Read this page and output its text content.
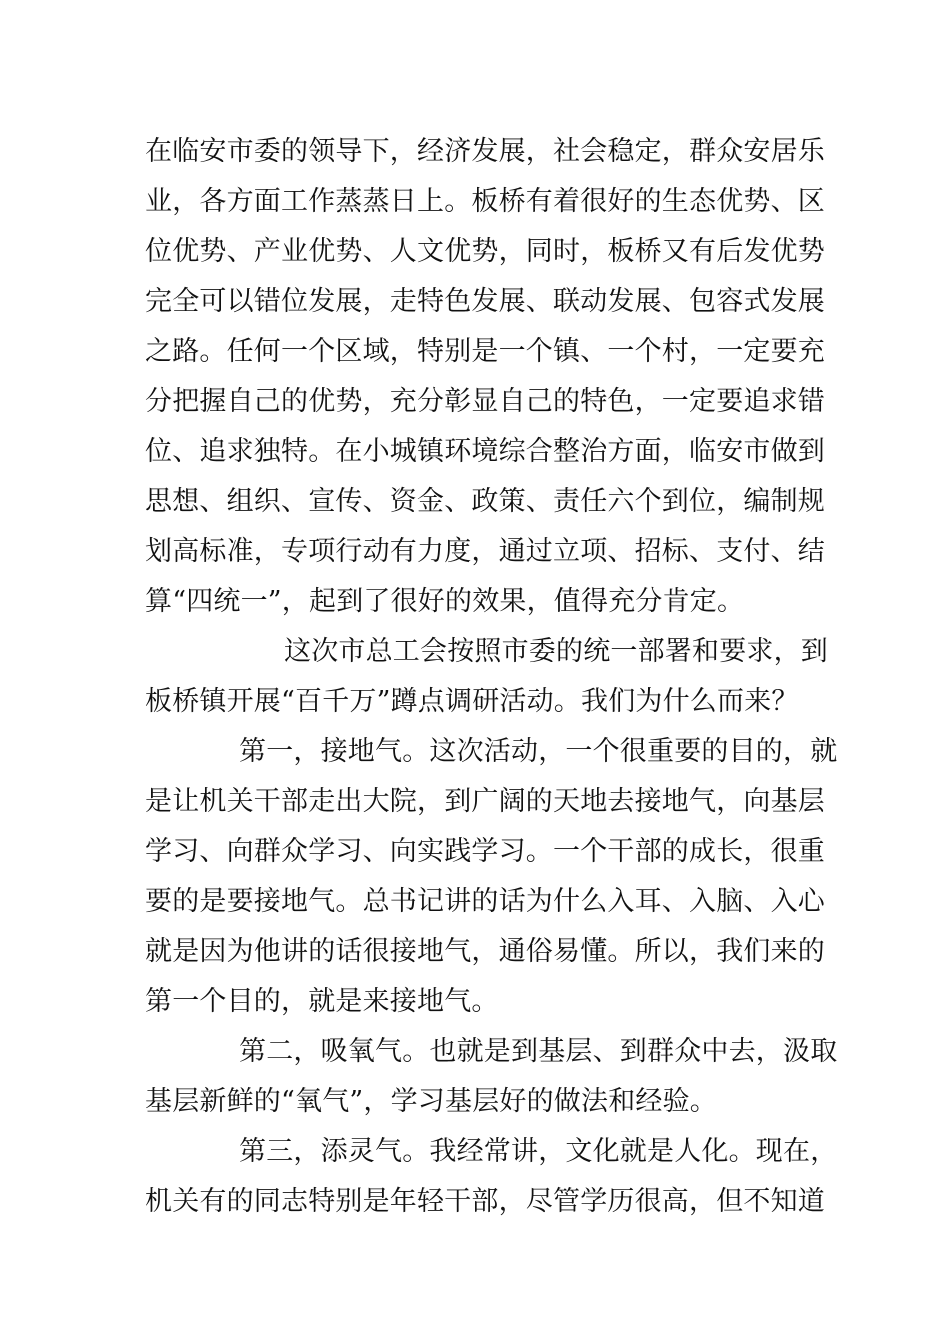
在临安市委的领导下，经济发展，社会稳定，群众安居乐
业，各方面工作蒸蒸日上。板桥有着很好的生态优势、区
位优势、产业优势、人文优势，同时，板桥又有后发优势
完全可以错位发展，走特色发展、联动发展、包容式发展
之路。任何一个区域，特别是一个镇、一个村，一定要充
分把握自己的优势，充分彰显自己的特色，一定要追求错
位、追求独特。在小城镇环境综合整治方面，临安市做到
思想、组织、宣传、资金、政策、责任六个到位，编制规
划高标准，专项行动有力度，通过立项、招标、支付、结
算“四统一”，起到了很好的效果，值得充分肯定。
这次市总工会按照市委的统一部署和要求，到
板桥镇开展“百千万”蹲点调研活动。我们为什么而来？
第一，接地气。这次活动，一个很重要的目的，就
是让机关干部走出大院，到广阔的天地去接地气，向基层
学习、向群众学习、向实践学习。一个干部的成长，很重
要的是要接地气。总书记讲的话为什么入耳、入脑、入心
就是因为他讲的话很接地气，通俗易懂。所以，我们来的
第一个目的，就是来接地气。
第二，吸氧气。也就是到基层、到群众中去，汲取
基层新鲜的“氧气”，学习基层好的做法和经验。
第三，添灵气。我经常讲，文化就是人化。现在，
机关有的同志特别是年轻干部，尽管学历很高，但不知道
